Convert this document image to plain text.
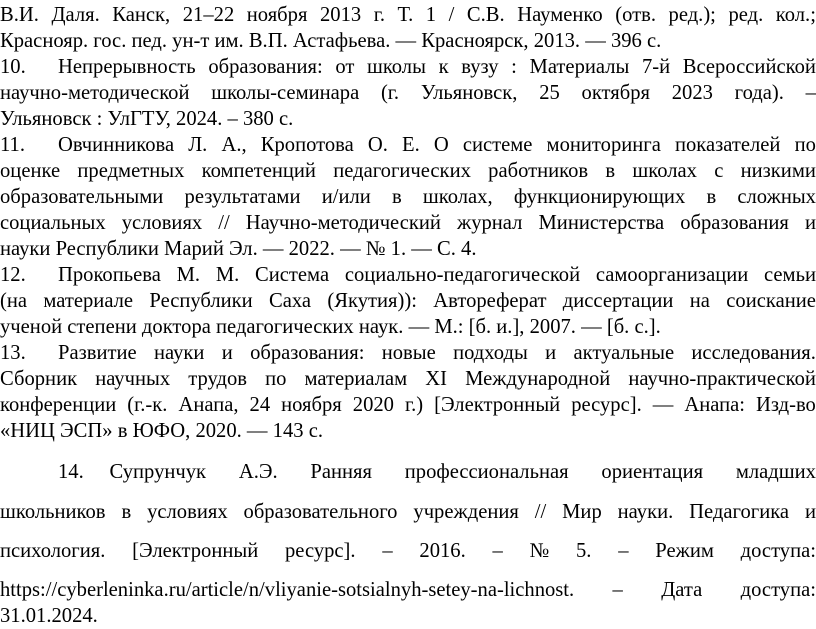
В.И. Даля. Канск, 21–22 ноября 2013 г. Т. 1 / С.В. Науменко (отв. ред.); ред. кол.;
Краснояр. гос. пед. ун-т им. В.П. Астафьева. — Красноярск, 2013. — 396 с.
10. Непрерывность образования: от школы к вузу : Материалы 7-й Всероссийской
научно-методической школы-семинара (г. Ульяновск, 25 октября 2023 года). –
Ульяновск : УлГТУ, 2024. – 380 с.
11. Овчинникова Л. А., Кропотова О. Е. О системе мониторинга показателей по
оценке предметных компетенций педагогических работников в школах с низкими
образовательными результатами и/или в школах, функционирующих в сложных
социальных условиях // Научно-методический журнал Министерства образования и
науки Республики Марий Эл. — 2022. — № 1. — С. 4.
12. Прокопьева М. М. Система социально-педагогической самоорганизации семьи
(на материале Республики Саха (Якутия)): Автореферат диссертации на соискание
ученой степени доктора педагогических наук. — М.: [б. и.], 2007. — [б. с.].
13. Развитие науки и образования: новые подходы и актуальные исследования.
Сборник научных трудов по материалам XI Международной научно-практической
конференции (г.-к. Анапа, 24 ноября 2020 г.) [Электронный ресурс]. — Анапа: Изд-во
«НИЦ ЭСП» в ЮФО, 2020. — 143 с.
14. Супрунчук А.Э. Ранняя профессиональная ориентация младших
школьников в условиях образовательного учреждения // Мир науки. Педагогика и
психология. [Электронный ресурс]. – 2016. – № 5. – Режим доступа:
https://cyberleninka.ru/article/n/vliyanie-sotsialnyh-setey-na-lichnost. – Дата доступа:
31.01.2024.
